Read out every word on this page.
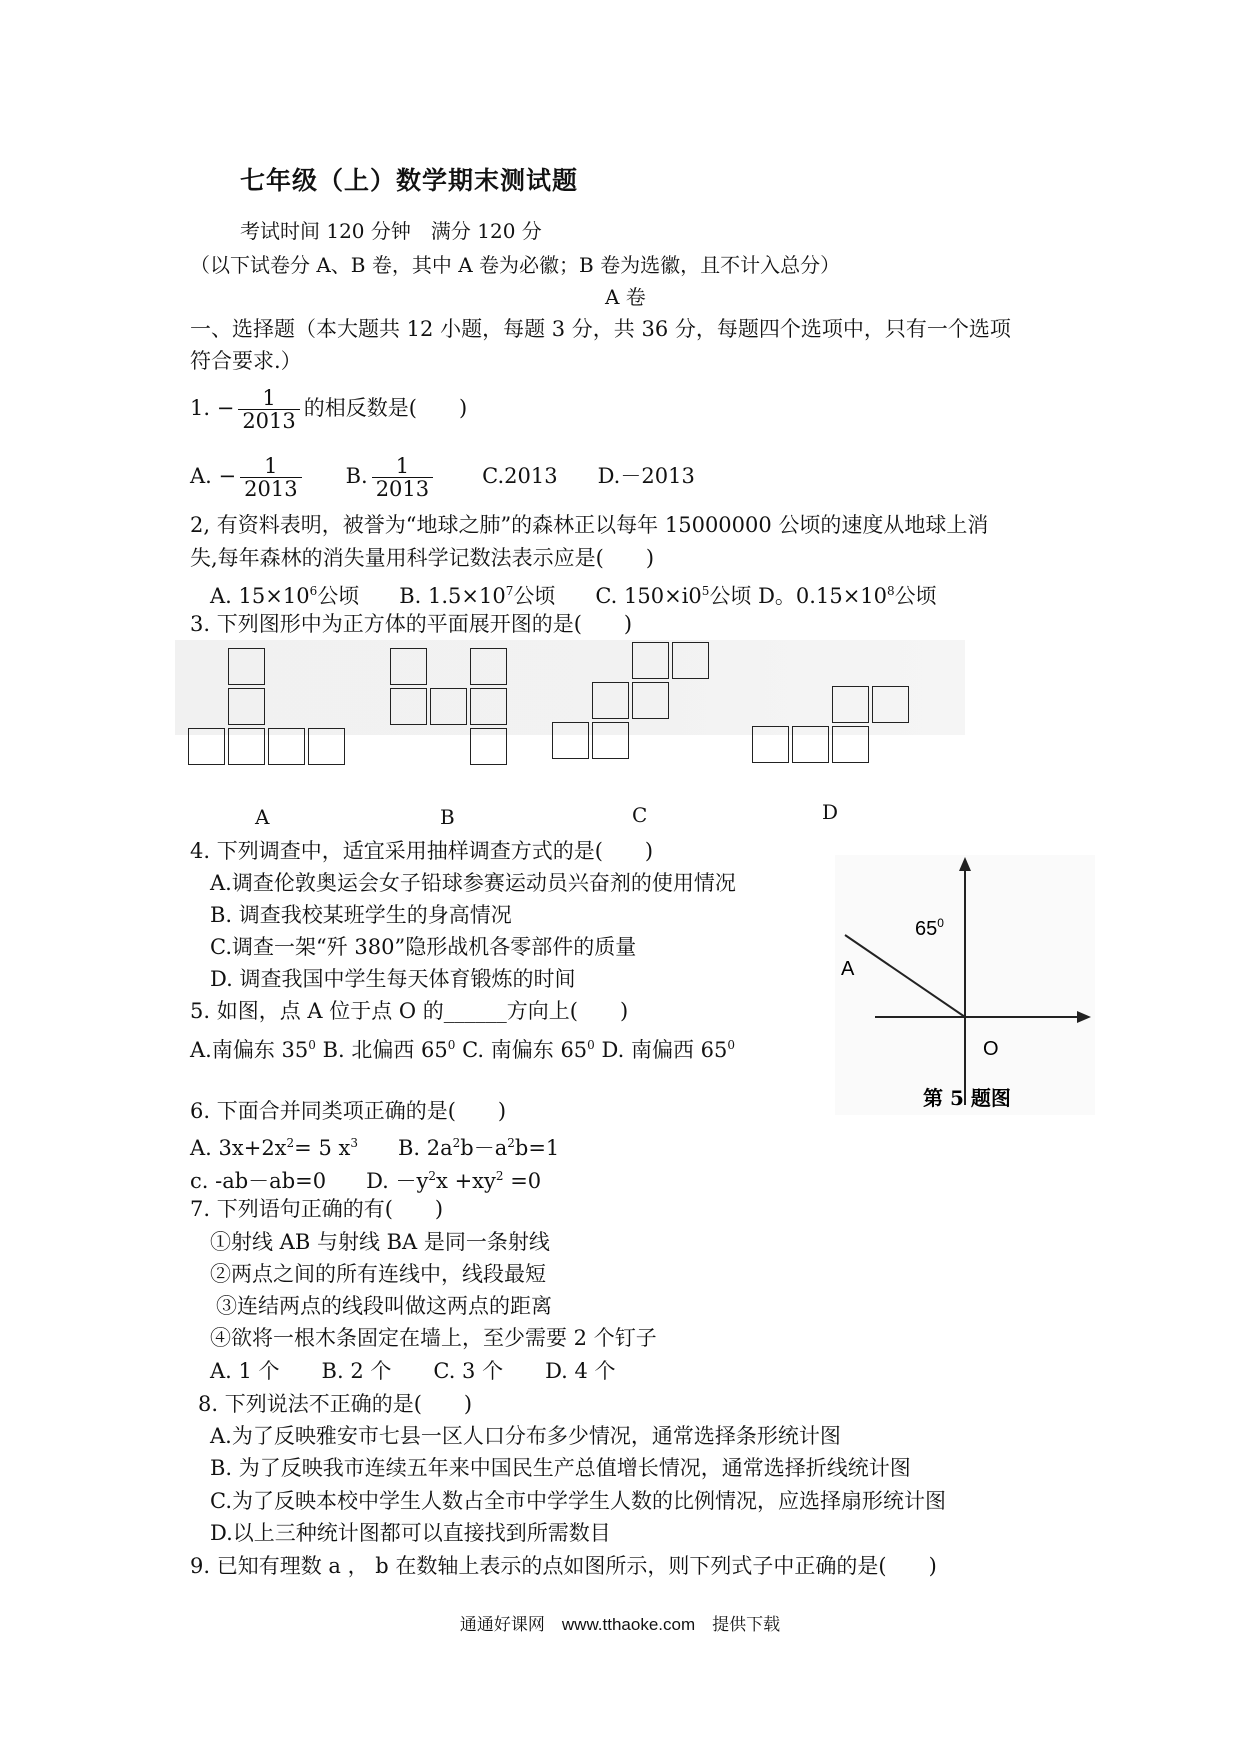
七年级（上）数学期末测试题
考试时间 120 分钟　满分 120 分
（以下试卷分 A、B 卷，其中 A 卷为必徽；B 卷为选徽，且不计入总分）
A 卷
一、选择题（本大题共 12 小题，每题 3 分，共 36 分，每题四个选项中，只有一个选项
符合要求.）
1. − $\frac{1}{2013}$ 的相反数是(　　)
A. − $\frac{1}{2013} B$. $\frac{1}{2013} C.2013$ D.－2013
2, 有资料表明，被誉为“地球之肺”的森林正以每年 15000000 公顷的速度从地球上消
失,每年森林的消失量用科学记数法表示应是(　　)
A. $15\times 10^6$公顷 B. $1.5\times 10^7$公顷 C. $150\times i0^5$公顷 D。$0.15\times 10^8$公顷
3. 下列图形中为正方体的平面展开图的是(　　)
A	B	C	D
4. 下列调查中，适宜采用抽样调查方式的是(　　)
A.调查伦敦奥运会女子铅球参赛运动员兴奋剂的使用情况
B. 调查我校某班学生的身高情况
C.调查一架“歼 380”隐形战机各零部件的质量
D. 调查我国中学生每天体育锻炼的时间
5. 如图，点 A 位于点 O 的______方向上(　　)
A.南偏东 $35^0$ B. 北偏西 $65^0$ C. 南偏东 $65^0$ D. 南偏西 $65^0$
$65^0$
A
O
第 5 题图
6. 下面合并同类项正确的是(　　)
A. $3x+2x^2= 5$ $x^3$ B. $2a^2b-a^2b=1$
c. -ab－ab=0 D. $-y^2x +xy^2 =0$
7. 下列语句正确的有(　　)
①射线 AB 与射线 BA 是同一条射线
②两点之间的所有连线中，线段最短
③连结两点的线段叫做这两点的距离
④欲将一根木条固定在墙上，至少需要 2 个钉子
A. 1 个　　B. 2 个　　C. 3 个　　D. 4 个
8. 下列说法不正确的是(　　)
A.为了反映雅安市七县一区人口分布多少情况，通常选择条形统计图
B. 为了反映我市连续五年来中国民生产总值增长情况，通常选择折线统计图
C.为了反映本校中学生人数占全市中学学生人数的比例情况，应选择扇形统计图
D.以上三种统计图都可以直接找到所需数目
9. 已知有理数 a ， b 在数轴上表示的点如图所示，则下列式子中正确的是(　　)
通通好课网　www.tthaoke.com　提供下载
